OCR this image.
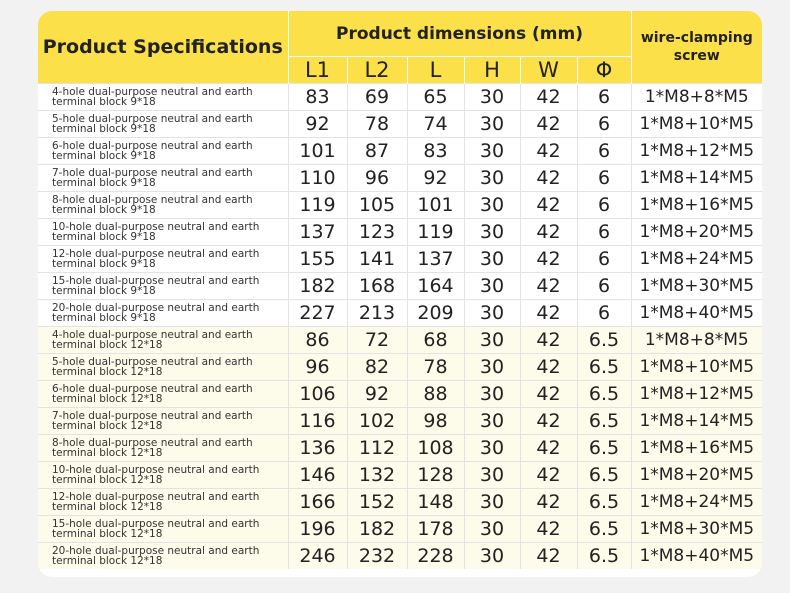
Product Specifications	Product dimensions (mm)						wire-clamping screw
	L1	L2	L	H	W	Φ	
4-hole dual-purpose neutral and earth terminal block 9*18	83	69	65	30	42	6	1*M8+8*M5
5-hole dual-purpose neutral and earth terminal block 9*18	92	78	74	30	42	6	1*M8+10*M5
6-hole dual-purpose neutral and earth terminal block 9*18	101	87	83	30	42	6	1*M8+12*M5
7-hole dual-purpose neutral and earth terminal block 9*18	110	96	92	30	42	6	1*M8+14*M5
8-hole dual-purpose neutral and earth terminal block 9*18	119	105	101	30	42	6	1*M8+16*M5
10-hole dual-purpose neutral and earth terminal block 9*18	137	123	119	30	42	6	1*M8+20*M5
12-hole dual-purpose neutral and earth terminal block 9*18	155	141	137	30	42	6	1*M8+24*M5
15-hole dual-purpose neutral and earth terminal block 9*18	182	168	164	30	42	6	1*M8+30*M5
20-hole dual-purpose neutral and earth terminal block 9*18	227	213	209	30	42	6	1*M8+40*M5
4-hole dual-purpose neutral and earth terminal block 12*18	86	72	68	30	42	6.5	1*M8+8*M5
5-hole dual-purpose neutral and earth terminal block 12*18	96	82	78	30	42	6.5	1*M8+10*M5
6-hole dual-purpose neutral and earth terminal block 12*18	106	92	88	30	42	6.5	1*M8+12*M5
7-hole dual-purpose neutral and earth terminal block 12*18	116	102	98	30	42	6.5	1*M8+14*M5
8-hole dual-purpose neutral and earth terminal block 12*18	136	112	108	30	42	6.5	1*M8+16*M5
10-hole dual-purpose neutral and earth terminal block 12*18	146	132	128	30	42	6.5	1*M8+20*M5
12-hole dual-purpose neutral and earth terminal block 12*18	166	152	148	30	42	6.5	1*M8+24*M5
15-hole dual-purpose neutral and earth terminal block 12*18	196	182	178	30	42	6.5	1*M8+30*M5
20-hole dual-purpose neutral and earth terminal block 12*18	246	232	228	30	42	6.5	1*M8+40*M5
